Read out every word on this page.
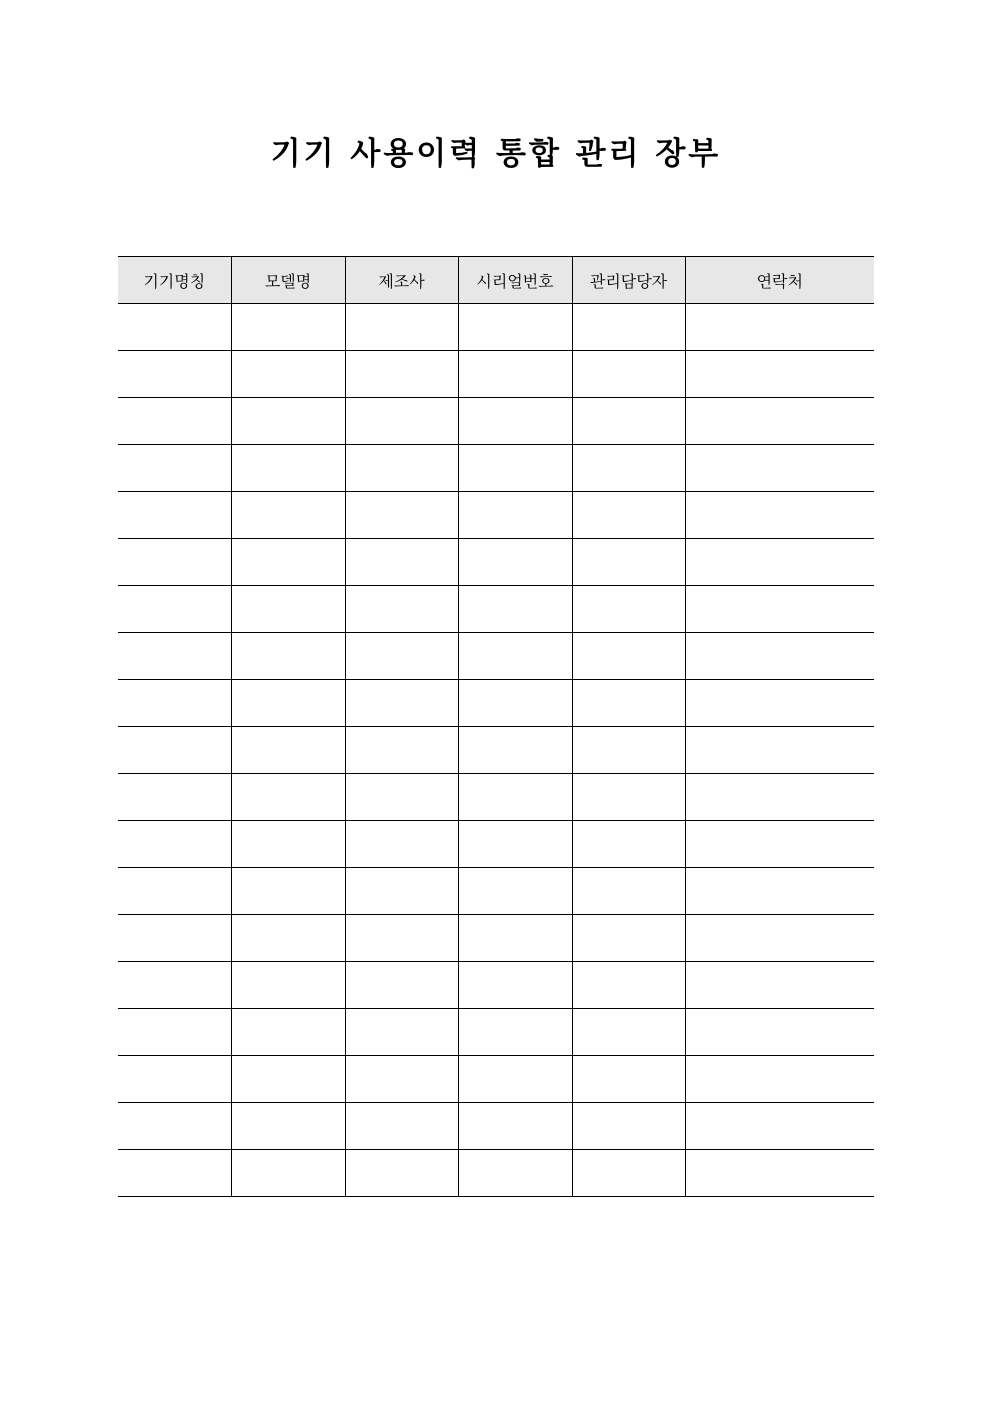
기기 사용이력 통합 관리 장부
기기명칭	모델명	제조사	시리얼번호	관리담당자	연락처
